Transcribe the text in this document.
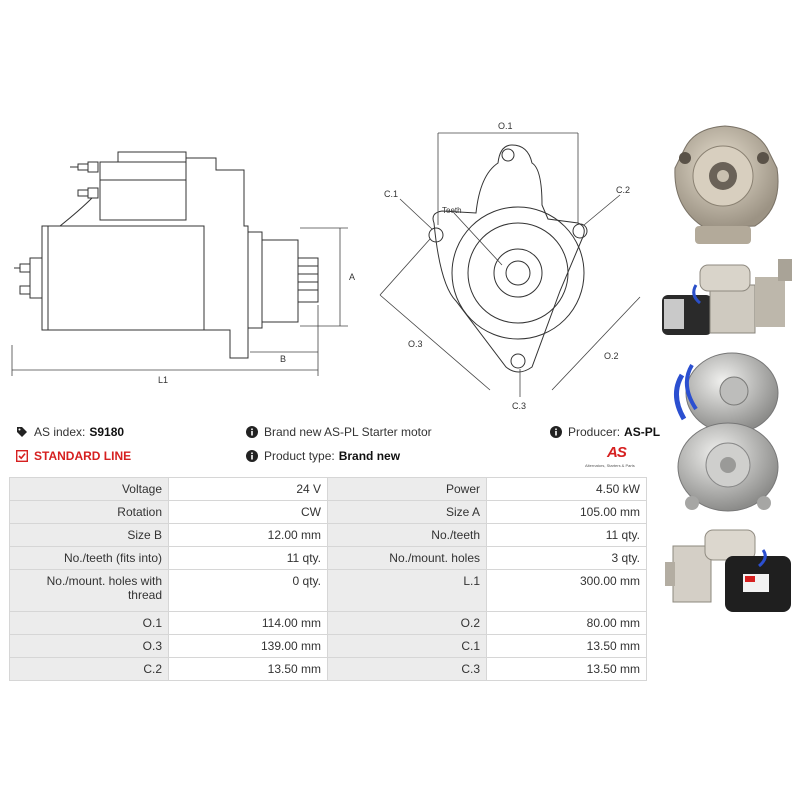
A
B
L1
O.1
C.1	C.2
Teeth
O.3
O.2
C.3
AS index: S9180
STANDARD LINE
Brand new AS-PL Starter motor
Product type: Brand new
Producer: AS-PL
AS
Alternators, Starters & Parts
Voltage	24 V	Power	4.50 kW
Rotation	CW	Size A	105.00 mm
Size B	12.00 mm	No./teeth	11 qty.
No./teeth (fits into)	11 qty.	No./mount. holes	3 qty.
No./mount. holes with thread	0 qty.	L.1	300.00 mm
O.1	114.00 mm	O.2	80.00 mm
O.3	139.00 mm	C.1	13.50 mm
C.2	13.50 mm	C.3	13.50 mm
